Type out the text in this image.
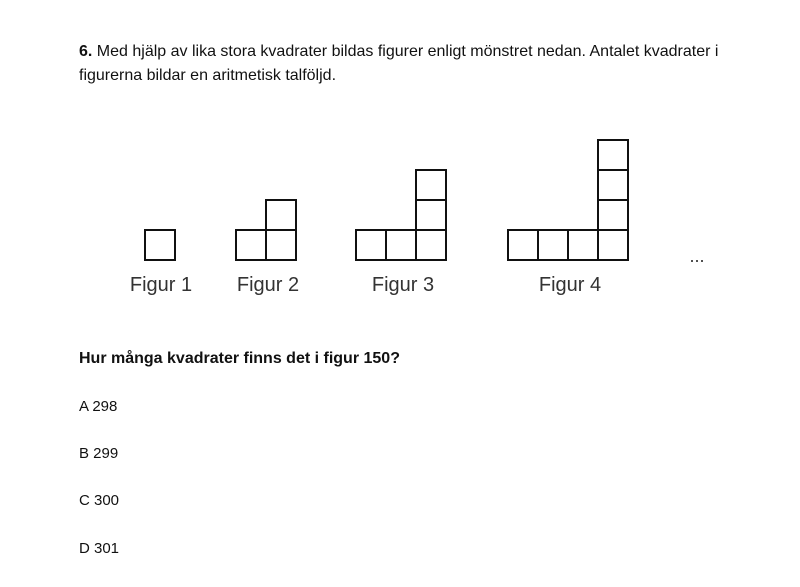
6. Med hjälp av lika stora kvadrater bildas figurer enligt mönstret nedan. Antalet kvadrater i figurerna bildar en aritmetisk talföljd.
Figur 1 Figur 2	Figur 3	Figur 4
...
Hur många kvadrater finns det i figur 150?
A 298
B 299
C 300
D 301
